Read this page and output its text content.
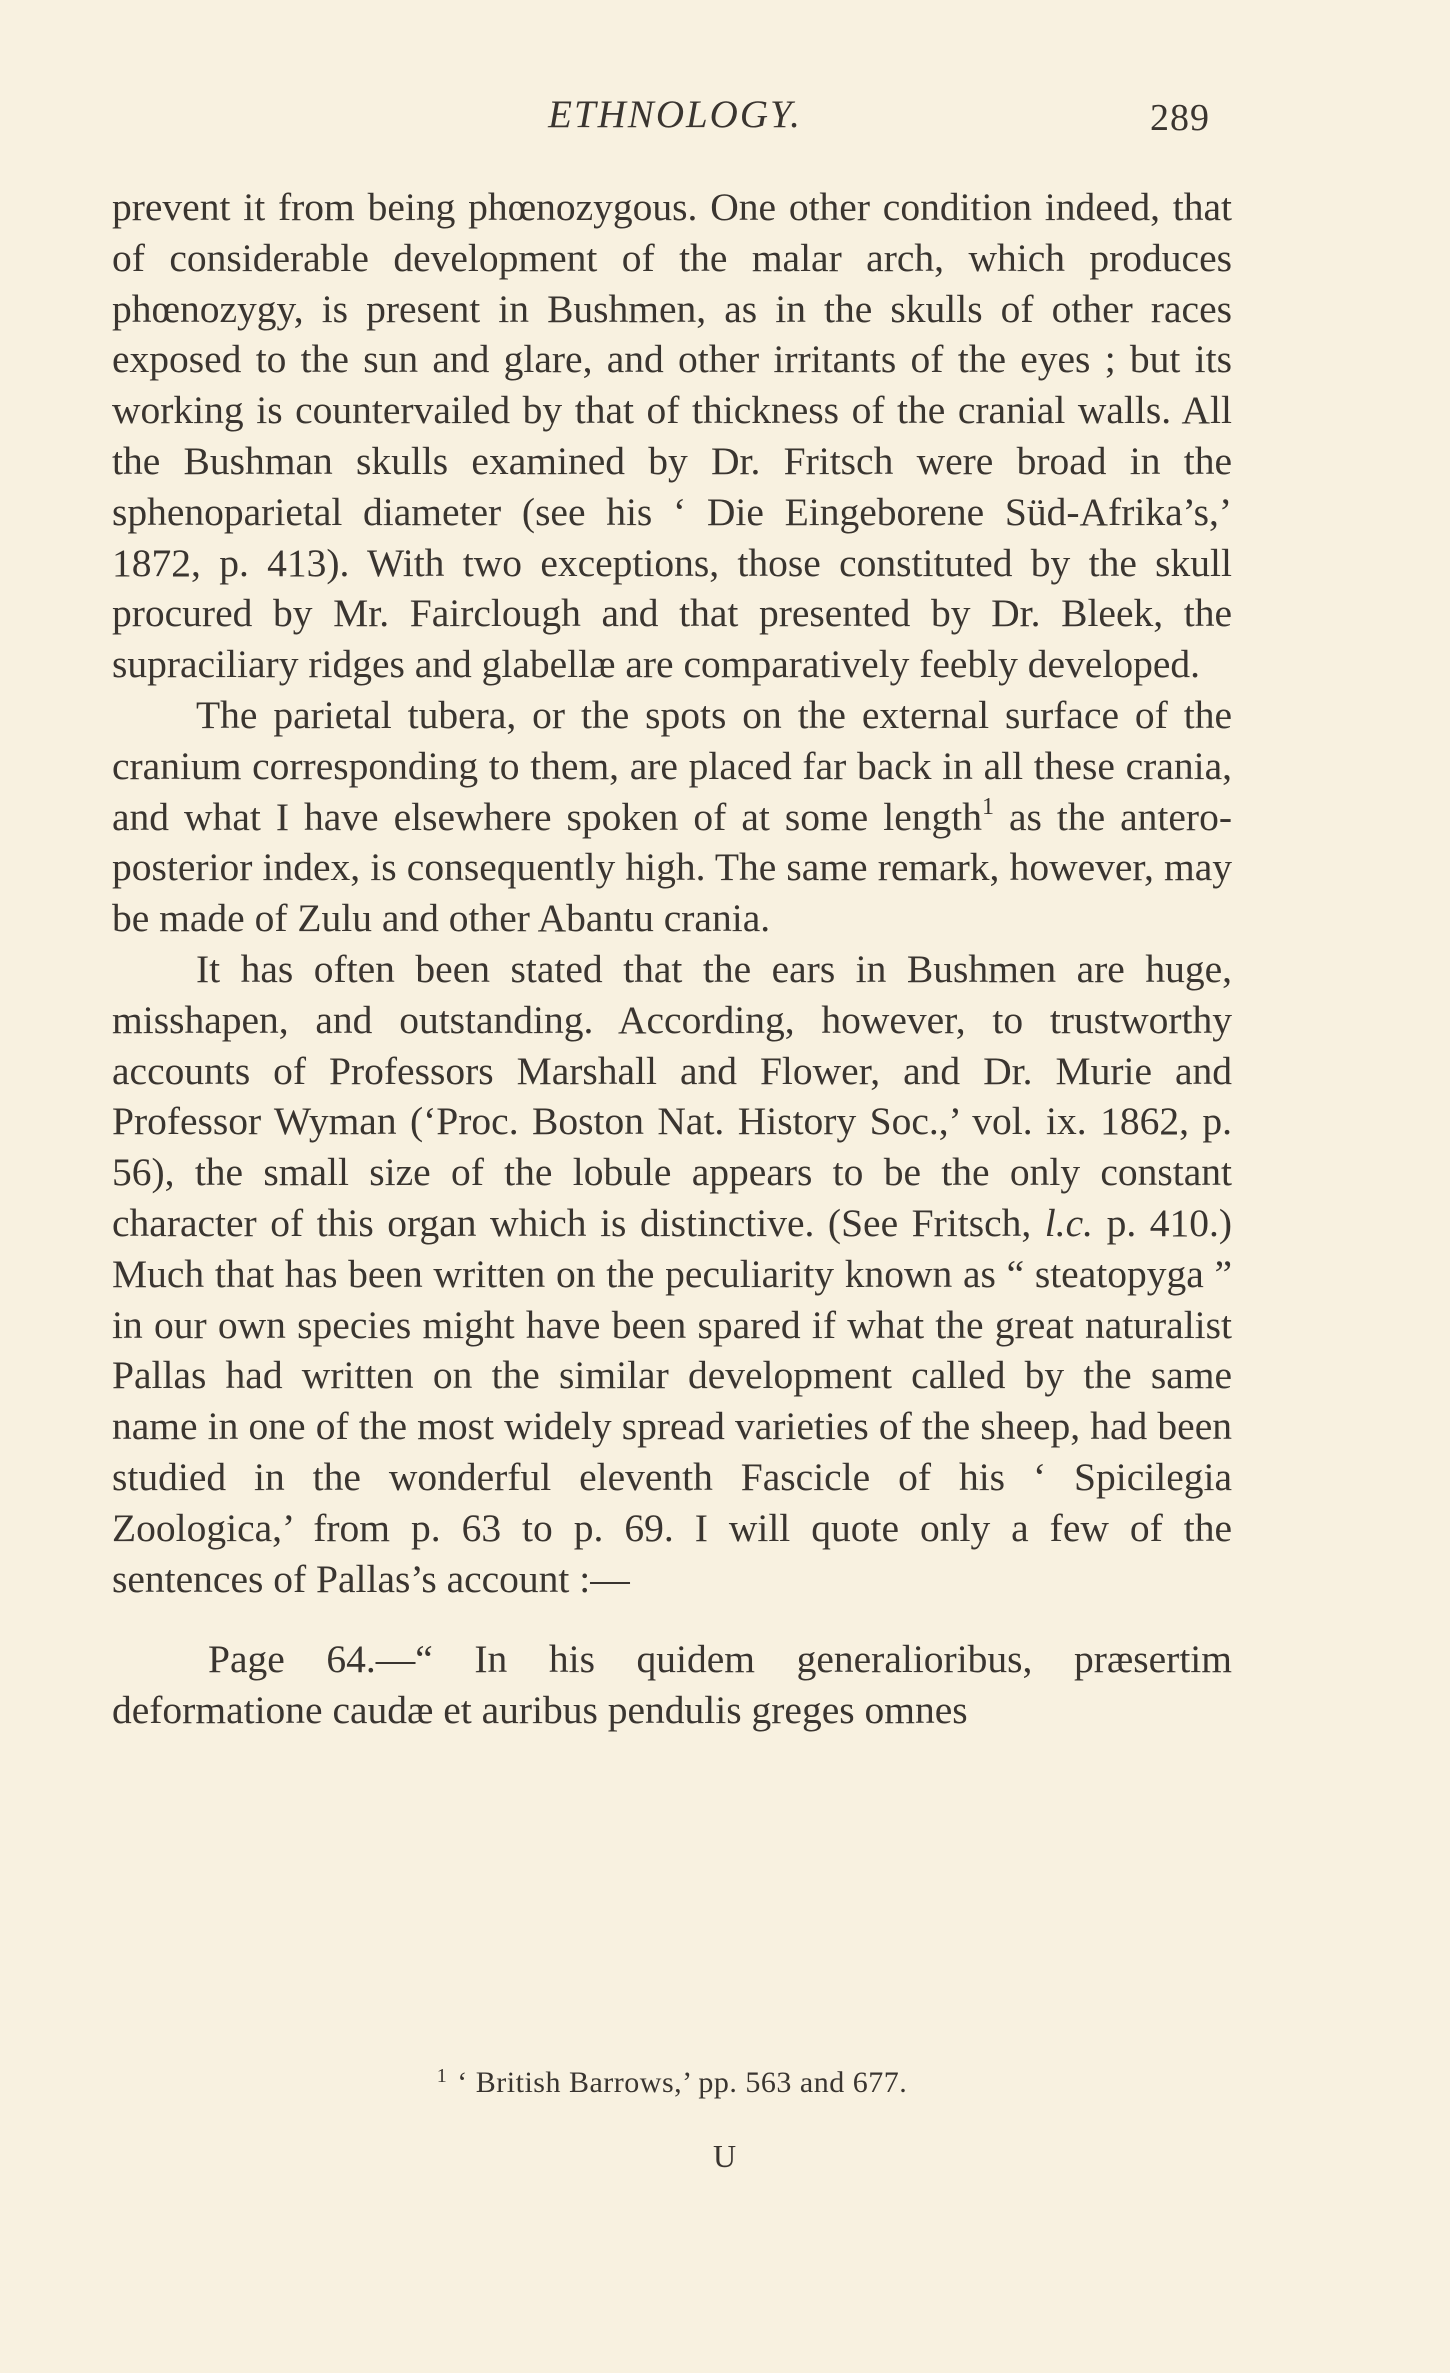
ETHNOLOGY.	289

prevent it from being phœnozygous. One other condition indeed, that of considerable development of the malar arch, which produces phœnozygy, is present in Bushmen, as in the skulls of other races exposed to the sun and glare, and other irritants of the eyes ; but its working is countervailed by that of thickness of the cranial walls. All the Bushman skulls examined by Dr. Fritsch were broad in the sphenoparietal diameter (see his ‘ Die Eingeborene Süd-Afrika’s,’ 1872, p. 413). With two exceptions, those constituted by the skull procured by Mr. Fairclough and that presented by Dr. Bleek, the supraciliary ridges and glabellæ are comparatively feebly developed.

The parietal tubera, or the spots on the external surface of the cranium corresponding to them, are placed far back in all these crania, and what I have elsewhere spoken of at some length$^1$ as the antero-posterior index, is consequently high. The same remark, however, may be made of Zulu and other Abantu crania.

It has often been stated that the ears in Bushmen are huge, misshapen, and outstanding. According, however, to trustworthy accounts of Professors Marshall and Flower, and Dr. Murie and Professor Wyman (‘Proc. Boston Nat. History Soc.,’ vol. ix. 1862, p. 56), the small size of the lobule appears to be the only constant character of this organ which is distinctive. (See Fritsch, l.c. p. 410.) Much that has been written on the peculiarity known as “ steatopyga ” in our own species might have been spared if what the great naturalist Pallas had written on the similar development called by the same name in one of the most widely spread varieties of the sheep, had been studied in the wonderful eleventh Fascicle of his ‘ Spicilegia Zoologica,’ from p. 63 to p. 69. I will quote only a few of the sentences of Pallas’s account :—

Page 64.—“ In his quidem generalioribus, præsertim deformatione caudæ et auribus pendulis greges omnes

$^1$ ‘ British Barrows,’ pp. 563 and 677.
U
